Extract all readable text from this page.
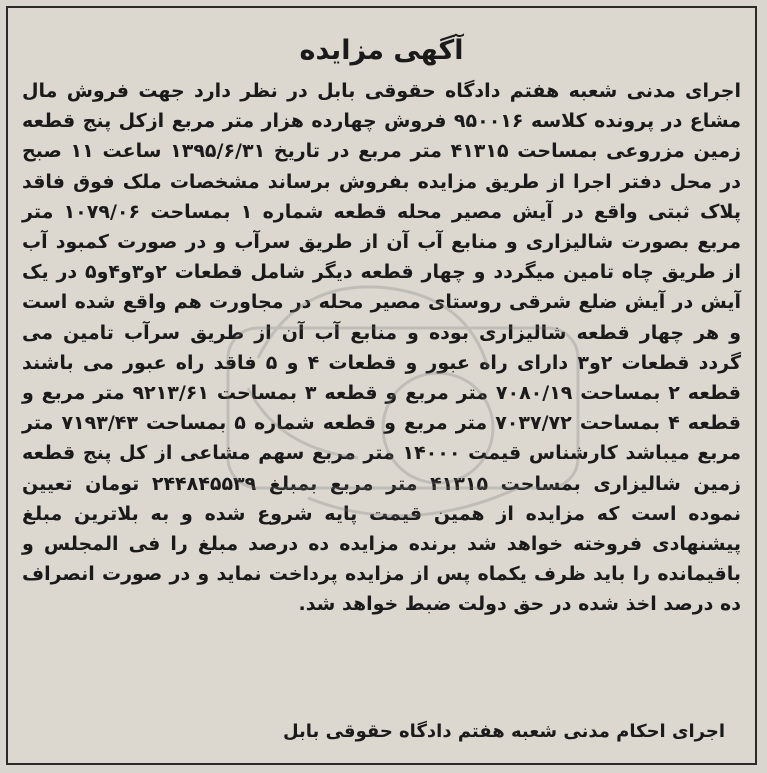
آگهی مزایده
اجرای مدنی شعبه هفتم دادگاه حقوقی بابل در نظر دارد جهت فروش مال مشاع در پرونده کلاسه ۹۵۰۰۱۶ فروش چهارده هزار متر مربع ازکل پنج قطعه زمین مزروعی بمساحت ۴۱۳۱۵ متر مربع در تاریخ ۱۳۹۵/۶/۳۱ ساعت ۱۱ صبح در محل دفتر اجرا از طریق مزایده بفروش برساند مشخصات ملک فوق فاقد پلاک ثبتی واقع در آیش مصیر محله قطعه شماره ۱ بمساحت ۱۰۷۹/۰۶ متر مربع بصورت شالیزاری و منابع آب آن از طریق سرآب و در صورت کمبود آب از طریق چاه تامین میگردد و چهار قطعه دیگر شامل قطعات ۲و۳و۴و۵ در یک آیش در آیش ضلع شرقی روستای مصیر محله در مجاورت هم واقع شده است و هر چهار قطعه شالیزاری بوده و منابع آب آن از طریق سرآب تامین می گردد قطعات ۲و۳ دارای راه عبور و قطعات ۴ و ۵ فاقد راه عبور می باشند قطعه ۲ بمساحت ۷۰۸۰/۱۹ متر مربع و قطعه ۳ بمساحت ۹۲۱۳/۶۱ متر مربع و قطعه ۴ بمساحت ۷۰۳۷/۷۲ متر مربع و قطعه شماره ۵ بمساحت ۷۱۹۳/۴۳ متر مربع میباشد کارشناس قیمت ۱۴۰۰۰ متر مربع سهم مشاعی از کل پنج قطعه زمین شالیزاری بمساحت ۴۱۳۱۵ متر مربع بمبلغ ۲۴۴۸۴۵۵۳۹ تومان تعیین نموده است که مزایده از همین قیمت پایه شروع شده و به بلاترین مبلغ پیشنهادی فروخته خواهد شد برنده مزایده ده درصد مبلغ را فی المجلس و باقیمانده را باید ظرف یکماه پس از مزایده پرداخت نماید و در صورت انصراف ده درصد اخذ شده در حق دولت ضبط خواهد شد.
اجرای احکام مدنی شعبه هفتم دادگاه حقوقی بابل
